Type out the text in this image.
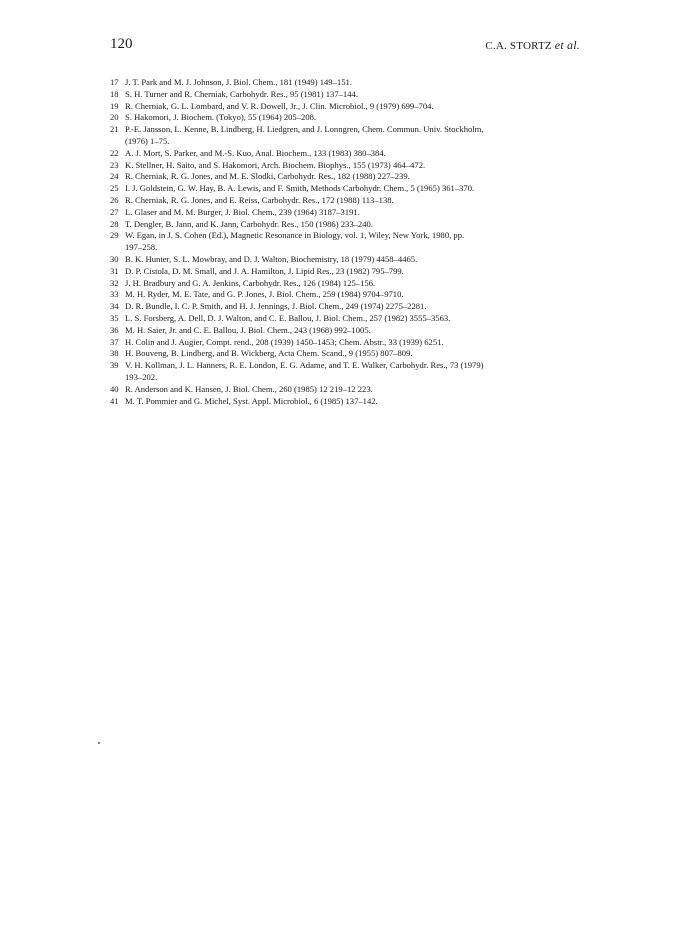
120	C.A. STORTZ et al.
17 J. T. Park and M. J. Johnson, J. Biol. Chem., 181 (1949) 149–151.
18 S. H. Turner and R. Cherniak, Carbohydr. Res., 95 (1981) 137–144.
19 R. Cherniak, G. L. Lombard, and V. R. Dowell, Jr., J. Clin. Microbiol., 9 (1979) 699–704.
20 S. Hakomori, J. Biochem. (Tokyo), 55 (1964) 205–208.
21 P.-E. Jansson, L. Kenne, B. Lindberg, H. Liedgren, and J. Lonngren, Chem. Commun. Univ. Stockholm,
(1976) 1–75.
22 A. J. Mort, S. Parker, and M.-S. Kuo, Anal. Biochem., 133 (1983) 380–384.
23 K. Stellner, H. Saito, and S. Hakomori, Arch. Biochem. Biophys., 155 (1973) 464–472.
24 R. Cherniak, R. G. Jones, and M. E. Slodki, Carbohydr. Res., 182 (1988) 227–239.
25 I. J. Goldstein, G. W. Hay, B. A. Lewis, and F. Smith, Methods Carbohydr. Chem., 5 (1965) 361–370.
26 R. Cherniak, R. G. Jones, and E. Reiss, Carbohydr. Res., 172 (1988) 113–138.
27 L. Glaser and M. M. Burger, J. Biol. Chem., 239 (1964) 3187–3191.
28 T. Dengler, B. Jann, and K. Jann, Carbohydr. Res., 150 (1986) 233–240.
29 W. Egan, in J. S. Cohen (Ed.), Magnetic Resonance in Biology, vol. 1, Wiley, New York, 1980, pp.
197–258.
30 B. K. Hunter, S. L. Mowbray, and D. J. Walton, Biochemistry, 18 (1979) 4458–4465.
31 D. P. Cistola, D. M. Small, and J. A. Hamilton, J. Lipid Res., 23 (1982) 795–799.
32 J. H. Bradbury and G. A. Jenkins, Carbohydr. Res., 126 (1984) 125–156.
33 M. H. Ryder, M. E. Tate, and G. P. Jones, J. Biol. Chem., 259 (1984) 9704–9710.
34 D. R. Bundle, I. C. P. Smith, and H. J. Jennings, J. Biol. Chem., 249 (1974) 2275–2281.
35 L. S. Forsberg, A. Dell, D. J. Walton, and C. E. Ballou, J. Biol. Chem., 257 (1982) 3555–3563.
36 M. H. Saier, Jr. and C. E. Ballou, J. Biol. Chem., 243 (1968) 992–1005.
37 H. Colin and J. Augier, Compt. rend., 208 (1939) 1450–1453; Chem. Abstr., 33 (1939) 6251.
38 H. Bouveng, B. Lindberg, and B. Wickberg, Acta Chem. Scand., 9 (1955) 807–809.
39 V. H. Kollman, J. L. Hanners, R. E. London, E. G. Adame, and T. E. Walker, Carbohydr. Res., 73 (1979)
193–202.
40 R. Anderson and K. Hansen, J. Biol. Chem., 260 (1985) 12 219–12 223.
41 M. T. Pommier and G. Michel, Syst. Appl. Microbiol., 6 (1985) 137–142.
